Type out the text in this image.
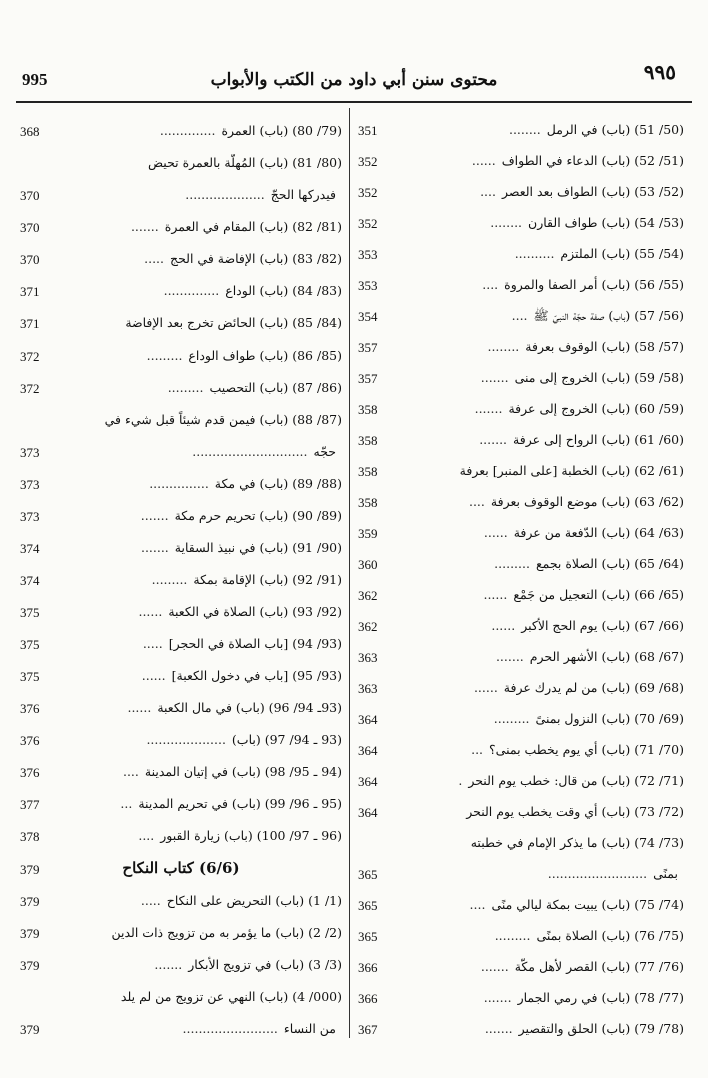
995	محتوى سنن أبي داود من الكتب والأبواب	٩٩٥
(50/ 51) (باب) في الرمل........
351
(51/ 52) (باب) الدعاء في الطواف......
352
(52/ 53) (باب) الطواف بعد العصر....
352
(53/ 54) (باب) طواف القارن........
352
(54/ 55) (باب) الملتزم..........
353
(55/ 56) (باب) أمر الصفا والمروة....
353
(56/ 57) (باب) صفة حجّة النبيّ ﷺ....
354
(57/ 58) (باب) الوقوف بعرفة........
357
(58/ 59) (باب) الخروج إلى منى.......
357
(59/ 60) (باب) الخروج إلى عرفة.......
358
(60/ 61) (باب) الرواح إلى عرفة.......
358
(61/ 62) (باب) الخطبة [على المنبر] بعرفة
358
(62/ 63) (باب) موضع الوقوف بعرفة....
358
(63/ 64) (باب) الدّفعة من عرفة......
359
(64/ 65) (باب) الصلاة بجمع.........
360
(65/ 66) (باب) التعجيل من جَمْع......
362
(66/ 67) (باب) يوم الحج الأكبر......
362
(67/ 68) (باب) الأشهر الحرم.......
363
(68/ 69) (باب) من لم يدرك عرفة......
363
(69/ 70) (باب) النزول بمنىً.........
364
(70/ 71) (باب) أي يوم يخطب بمنى؟...
364
(71/ 72) (باب) من قال: خطب يوم النحر.
364
(72/ 73) (باب) أي وقت يخطب يوم النحر
364
(73/ 74) (باب) ما يذكر الإمام في خطبته
بمنًى.........................
365
(74/ 75) (باب) يبيت بمكة ليالي منًى....
365
(75/ 76) (باب) الصلاة بمنًى.........
365
(76/ 77) (باب) القصر لأهل مكّة.......
366
(77/ 78) (باب) في رمي الجمار.......
366
(78/ 79) (باب) الحلق والتقصير.......
367
(79/ 80) (باب) العمرة..............
368
(80/ 81) (باب) المُهلّة بالعمرة تحيض
فيدركها الحجّ....................
370
(81/ 82) (باب) المقام في العمرة.......
370
(82/ 83) (باب) الإفاضة في الحج.....
370
(83/ 84) (باب) الوداع..............
371
(84/ 85) (باب) الحائض تخرج بعد الإفاضة
371
(85/ 86) (باب) طواف الوداع.........
372
(86/ 87) (باب) التحصيب.........
372
(87/ 88) (باب) فيمن قدم شيئاً قبل شيء في
حجّه.............................
373
(88/ 89) (باب) في مكة...............
373
(89/ 90) (باب) تحريم حرم مكة.......
373
(90/ 91) (باب) في نبيذ السقاية.......
374
(91/ 92) (باب) الإقامة بمكة.........
374
(92/ 93) (باب) الصلاة في الكعبة......
375
(93/ 94) [باب الصلاة في الحجر].....
375
(93/ 95) [باب في دخول الكعبة]......
375
(93ـ 94/ 96) (باب) في مال الكعبة......
376
(93 ـ 94/ 97) (باب)....................
376
(94 ـ 95/ 98) (باب) في إتيان المدينة....
376
(95 ـ 96/ 99) (باب) في تحريم المدينة...
377
(96 ـ 97/ 100) (باب) زيارة القبور....
378
(6/6) كتاب النكاح
379
(1/ 1) (باب) التحريض على النكاح.....
379
(2/ 2) (باب) ما يؤمر به من تزويج ذات الدين
379
(3/ 3) (باب) في تزويج الأبكار.......
379
(000/ 4) (باب) النهي عن تزويج من لم يلد
من النساء........................
379
